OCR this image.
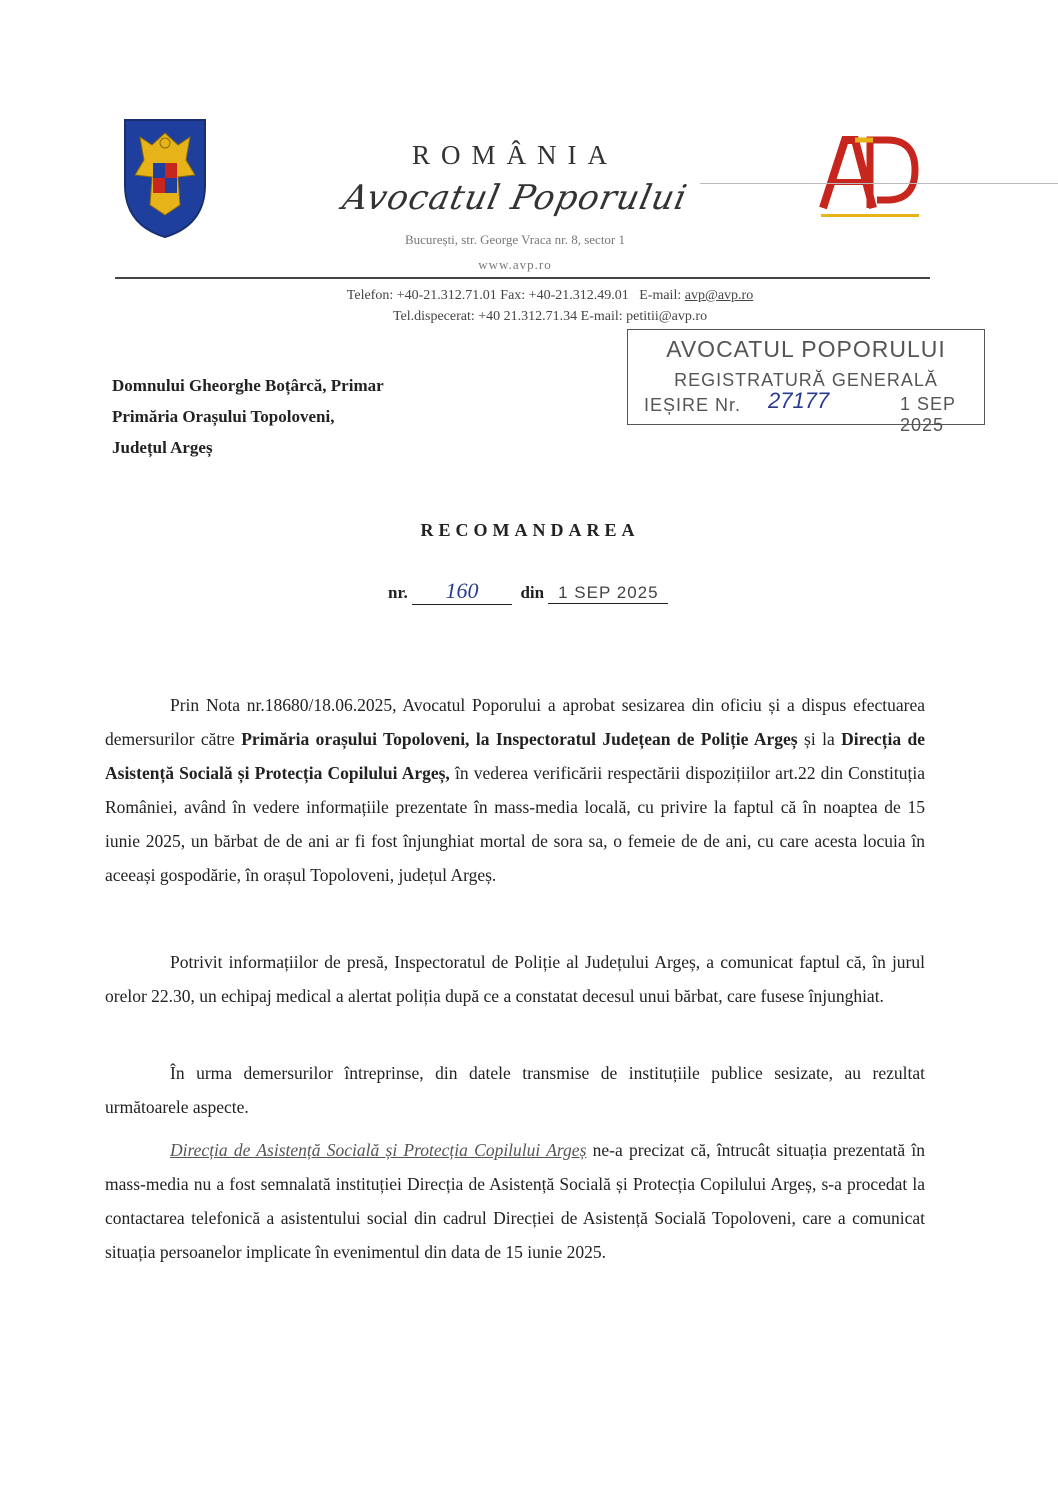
ROMÂNIA
Avocatul Poporului
București, str. George Vraca nr. 8, sector 1
www.avp.ro
Telefon: +40-21.312.71.01 Fax: +40-21.312.49.01 E-mail: avp@avp.ro
Tel.dispecerat: +40 21.312.71.34 E-mail: petitii@avp.ro
AVOCATUL POPORULUI
REGISTRATURĂ GENERALĂ
IEȘIRE Nr. 27177	1 SEP 2025
Domnului Gheorghe Boțârcă, Primar
Primăria Orașului Topoloveni,
Județul Argeș
RECOMANDAREA
nr. 160 din 1 SEP 2025
Prin Nota nr.18680/18.06.2025, Avocatul Poporului a aprobat sesizarea din oficiu și a dispus efectuarea demersurilor către Primăria orașului Topoloveni, la Inspectoratul Județean de Poliție Argeș și la Direcția de Asistență Socială și Protecția Copilului Argeș, în vederea verificării respectării dispozițiilor art.22 din Constituția României, având în vedere informațiile prezentate în mass-media locală, cu privire la faptul că în noaptea de 15 iunie 2025, un bărbat de de ani ar fi fost înjunghiat mortal de sora sa, o femeie de de ani, cu care acesta locuia în aceeași gospodărie, în orașul Topoloveni, județul Argeș.
Potrivit informațiilor de presă, Inspectoratul de Poliție al Județului Argeș, a comunicat faptul că, în jurul orelor 22.30, un echipaj medical a alertat poliția după ce a constatat decesul unui bărbat, care fusese înjunghiat.
În urma demersurilor întreprinse, din datele transmise de instituțiile publice sesizate, au rezultat următoarele aspecte.
Direcția de Asistență Socială și Protecția Copilului Argeș ne-a precizat că, întrucât situația prezentată în mass-media nu a fost semnalată instituției Direcția de Asistență Socială și Protecția Copilului Argeș, s-a procedat la contactarea telefonică a asistentului social din cadrul Direcției de Asistență Socială Topoloveni, care a comunicat situația persoanelor implicate în evenimentul din data de 15 iunie 2025.
